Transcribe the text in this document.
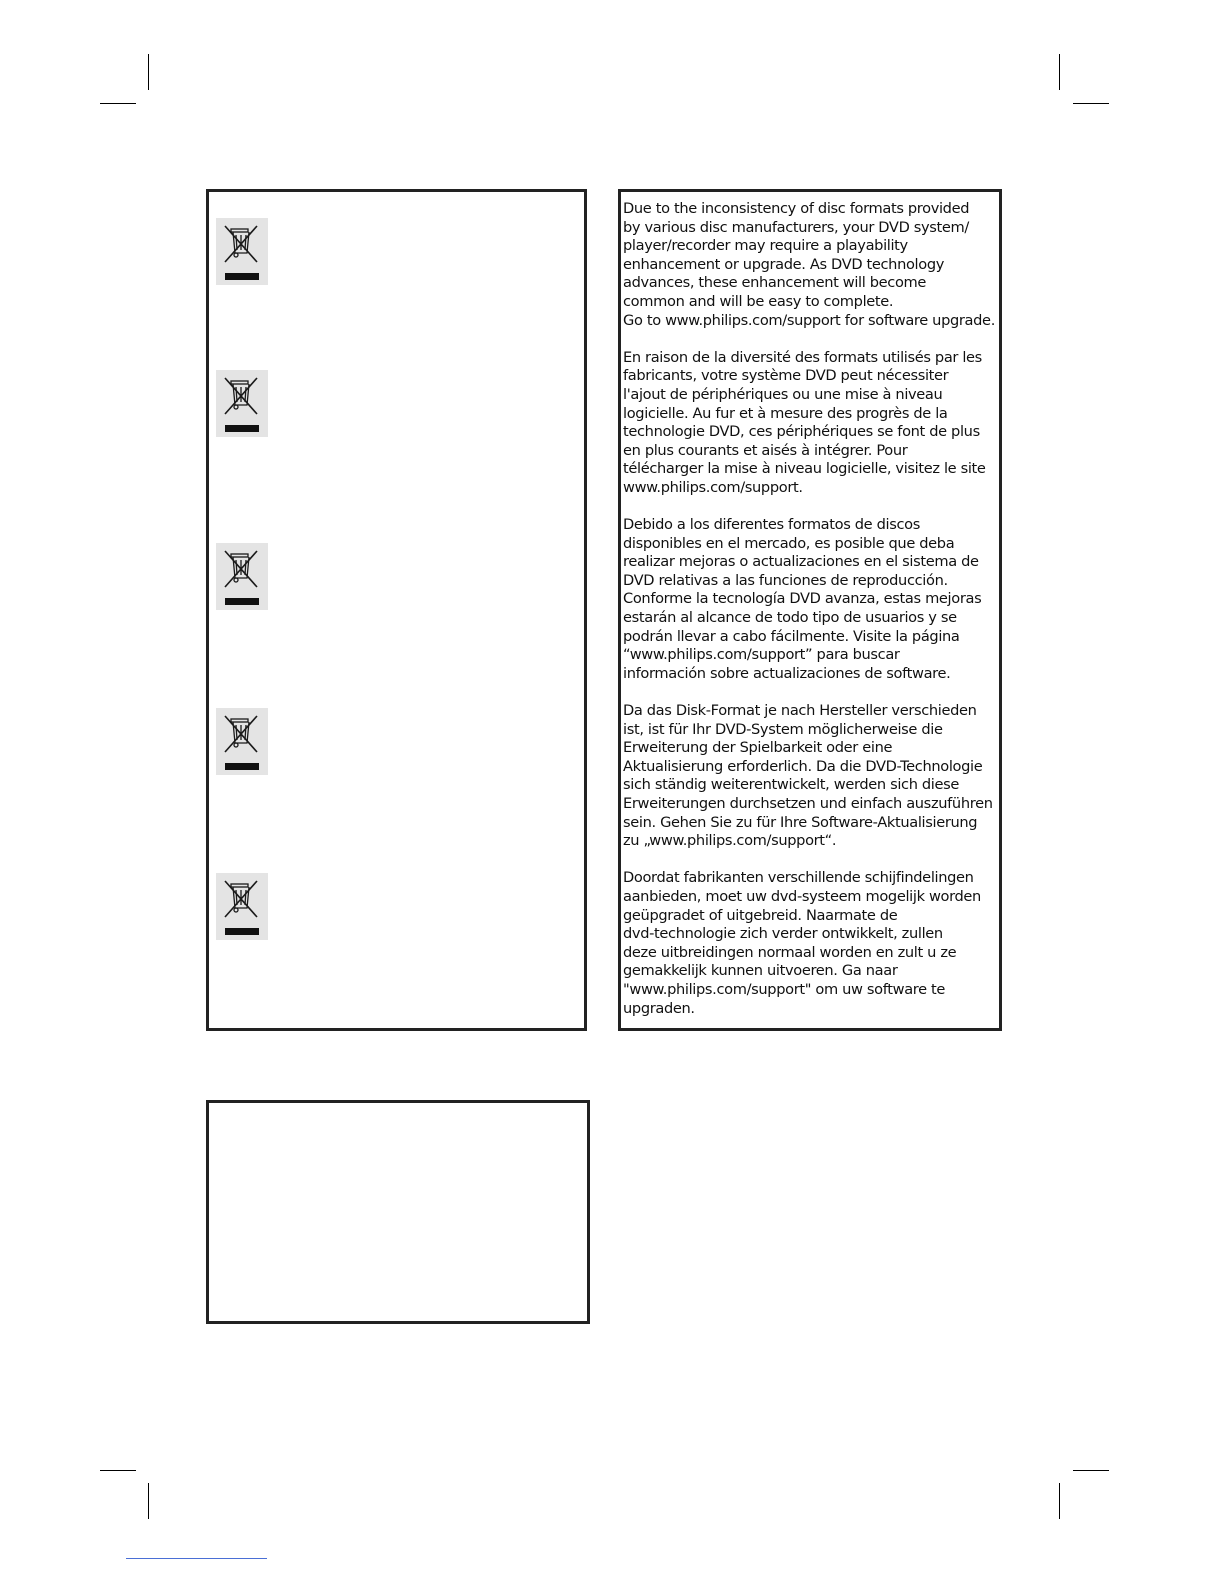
Due to the inconsistency of disc formats provided
by various disc manufacturers, your DVD system/
player/recorder may require a playability
enhancement or upgrade. As DVD technology
advances, these enhancement will become
common and will be easy to complete.
Go to www.philips.com/support for software upgrade.

En raison de la diversité des formats utilisés par les
fabricants, votre système DVD peut nécessiter
l'ajout de périphériques ou une mise à niveau
logicielle. Au fur et à mesure des progrès de la
technologie DVD, ces périphériques se font de plus
en plus courants et aisés à intégrer. Pour
télécharger la mise à niveau logicielle, visitez le site
www.philips.com/support.

Debido a los diferentes formatos de discos
disponibles en el mercado, es posible que deba
realizar mejoras o actualizaciones en el sistema de
DVD relativas a las funciones de reproducción.
Conforme la tecnología DVD avanza, estas mejoras
estarán al alcance de todo tipo de usuarios y se
podrán llevar a cabo fácilmente. Visite la página
“www.philips.com/support” para buscar
información sobre actualizaciones de software.

Da das Disk-Format je nach Hersteller verschieden
ist, ist für Ihr DVD-System möglicherweise die
Erweiterung der Spielbarkeit oder eine
Aktualisierung erforderlich. Da die DVD-Technologie
sich ständig weiterentwickelt, werden sich diese
Erweiterungen durchsetzen und einfach auszuführen
sein. Gehen Sie zu für Ihre Software-Aktualisierung
zu „www.philips.com/support“.

Doordat fabrikanten verschillende schijfindelingen
aanbieden, moet uw dvd-systeem mogelijk worden
geüpgradet of uitgebreid. Naarmate de
dvd-technologie zich verder ontwikkelt, zullen
deze uitbreidingen normaal worden en zult u ze
gemakkelijk kunnen uitvoeren. Ga naar
"www.philips.com/support" om uw software te
upgraden.
